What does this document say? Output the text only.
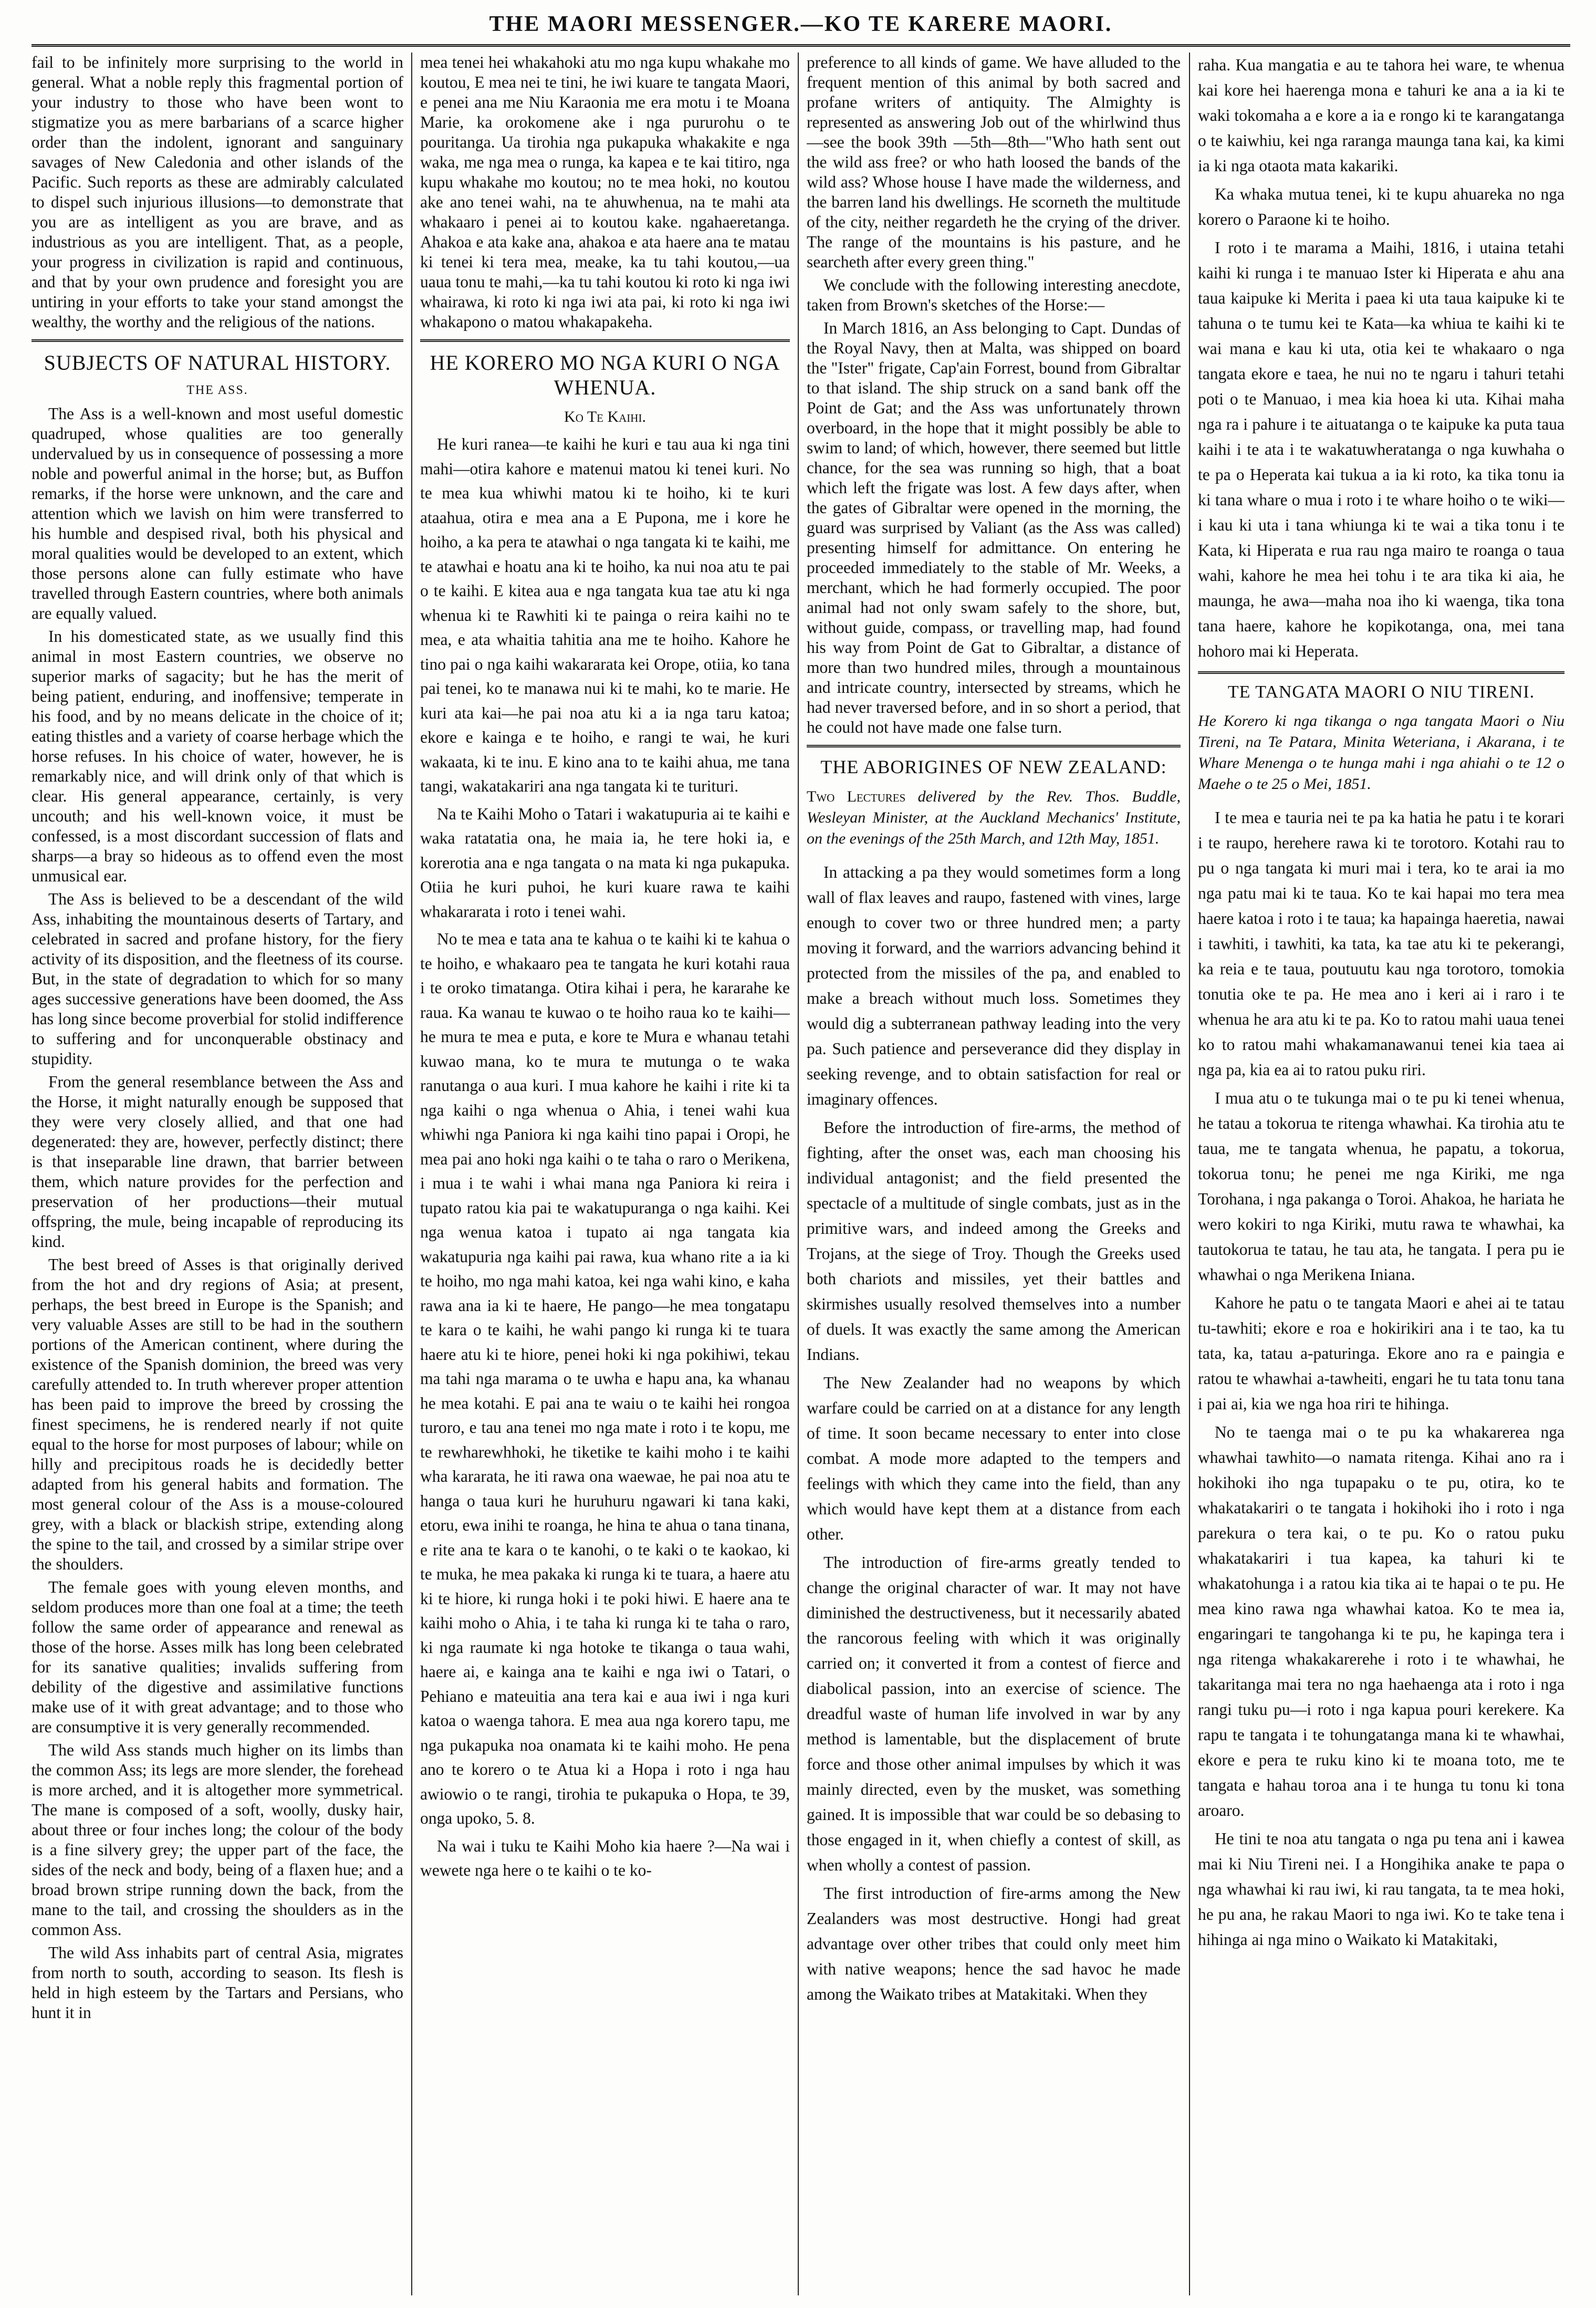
THE MAORI MESSENGER.—KO TE KARERE MAORI.

fail to be infinitely more surprising to the world in general. What a noble reply this fragmental portion of your industry to those who have been wont to stigmatize you as mere barbarians of a scarce higher order than the indolent, ignorant and sanguinary savages of New Caledonia and other islands of the Pacific. Such reports as these are admirably calculated to dispel such injurious illusions—to demonstrate that you are as intelligent as you are brave, and as industrious as you are intelligent. That, as a people, your progress in civilization is rapid and continuous, and that by your own prudence and foresight you are untiring in your efforts to take your stand amongst the wealthy, the worthy and the religious of the nations.

SUBJECTS OF NATURAL HISTORY.
THE ASS.

The Ass is a well-known and most useful domestic quadruped, whose qualities are too generally undervalued by us in consequence of possessing a more noble and powerful animal in the horse; but, as Buffon remarks, if the horse were unknown, and the care and attention which we lavish on him were transferred to his humble and despised rival, both his physical and moral qualities would be developed to an extent, which those persons alone can fully estimate who have travelled through Eastern countries, where both animals are equally valued.

In his domesticated state, as we usually find this animal in most Eastern countries, we observe no superior marks of sagacity; but he has the merit of being patient, enduring, and inoffensive; temperate in his food, and by no means delicate in the choice of it; eating thistles and a variety of coarse herbage which the horse refuses. In his choice of water, however, he is remarkably nice, and will drink only of that which is clear. His general appearance, certainly, is very uncouth; and his well-known voice, it must be confessed, is a most discordant succession of flats and sharps—a bray so hideous as to offend even the most unmusical ear.

The Ass is believed to be a descendant of the wild Ass, inhabiting the mountainous deserts of Tartary, and celebrated in sacred and profane history, for the fiery activity of its disposition, and the fleetness of its course. But, in the state of degradation to which for so many ages successive generations have been doomed, the Ass has long since become proverbial for stolid indifference to suffering and for unconquerable obstinacy and stupidity.

From the general resemblance between the Ass and the Horse, it might naturally enough be supposed that they were very closely allied, and that one had degenerated: they are, however, perfectly distinct; there is that inseparable line drawn, that barrier between them, which nature provides for the perfection and preservation of her productions—their mutual offspring, the mule, being incapable of reproducing its kind.

The best breed of Asses is that originally derived from the hot and dry regions of Asia; at present, perhaps, the best breed in Europe is the Spanish; and very valuable Asses are still to be had in the southern portions of the American continent, where during the existence of the Spanish dominion, the breed was very carefully attended to. In truth wherever proper attention has been paid to improve the breed by crossing the finest specimens, he is rendered nearly if not quite equal to the horse for most purposes of labour; while on hilly and precipitous roads he is decidedly better adapted from his general habits and formation. The most general colour of the Ass is a mouse-coloured grey, with a black or blackish stripe, extending along the spine to the tail, and crossed by a similar stripe over the shoulders.

The female goes with young eleven months, and seldom produces more than one foal at a time; the teeth follow the same order of appearance and renewal as those of the horse. Asses milk has long been celebrated for its sanative qualities; invalids suffering from debility of the digestive and assimilative functions make use of it with great advantage; and to those who are consumptive it is very generally recommended.

The wild Ass stands much higher on its limbs than the common Ass; its legs are more slender, the forehead is more arched, and it is altogether more symmetrical. The mane is composed of a soft, woolly, dusky hair, about three or four inches long; the colour of the body is a fine silvery grey; the upper part of the face, the sides of the neck and body, being of a flaxen hue; and a broad brown stripe running down the back, from the mane to the tail, and crossing the shoulders as in the common Ass.

The wild Ass inhabits part of central Asia, migrates from north to south, according to season. Its flesh is held in high esteem by the Tartars and Persians, who hunt it in

mea tenei hei whakahoki atu mo nga kupu whakahe mo koutou, E mea nei te tini, he iwi kuare te tangata Maori, e penei ana me Niu Karaonia me era motu i te Moana Marie, ka orokomene ake i nga pururohu o te pouritanga. Ua tirohia nga pukapuka whakakite e nga waka, me nga mea o runga, ka kapea e te kai titiro, nga kupu whakahe mo koutou; no te mea hoki, no koutou ake ano tenei wahi, na te ahuwhenua, na te mahi ata whakaaro i penei ai to koutou kake. ngahaeretanga. Ahakoa e ata kake ana, ahakoa e ata haere ana te matau ki tenei ki tera mea, meake, ka tu tahi koutou,—ua uaua tonu te mahi,—ka tu tahi koutou ki roto ki nga iwi whairawa, ki roto ki nga iwi ata pai, ki roto ki nga iwi whakapono o matou whakapakeha.

HE KORERO MO NGA KURI O NGA WHENUA.
Ko Te Kaihi.

He kuri ranea—te kaihi he kuri e tau aua ki nga tini mahi—otira kahore e matenui matou ki tenei kuri. No te mea kua whiwhi matou ki te hoiho, ki te kuri ataahua, otira e mea ana a E Pupona, me i kore he hoiho, a ka pera te atawhai o nga tangata ki te kaihi, me te atawhai e hoatu ana ki te hoiho, ka nui noa atu te pai o te kaihi. E kitea aua e nga tangata kua tae atu ki nga whenua ki te Rawhiti ki te painga o reira kaihi no te mea, e ata whaitia tahitia ana me te hoiho. Kahore he tino pai o nga kaihi wakararata kei Orope, otiia, ko tana pai tenei, ko te manawa nui ki te mahi, ko te marie. He kuri ata kai—he pai noa atu ki a ia nga taru katoa; ekore e kainga e te hoiho, e rangi te wai, he kuri wakaata, ki te inu. E kino ana to te kaihi ahua, me tana tangi, wakatakariri ana nga tangata ki te turituri.

Na te Kaihi Moho o Tatari i wakatupuria ai te kaihi e waka ratatatia ona, he maia ia, he tere hoki ia, e korerotia ana e nga tangata o na mata ki nga pukapuka. Otiia he kuri puhoi, he kuri kuare rawa te kaihi whakararata i roto i tenei wahi.

No te mea e tata ana te kahua o te kaihi ki te kahua o te hoiho, e whakaaro pea te tangata he kuri kotahi raua i te oroko timatanga. Otira kihai i pera, he kararahe ke raua. Ka wanau te kuwao o te hoiho raua ko te kaihi—he mura te mea e puta, e kore te Mura e whanau tetahi kuwao mana, ko te mura te mutunga o te waka ranutanga o aua kuri. I mua kahore he kaihi i rite ki ta nga kaihi o nga whenua o Ahia, i tenei wahi kua whiwhi nga Paniora ki nga kaihi tino papai i Oropi, he mea pai ano hoki nga kaihi o te taha o raro o Merikena, i mua i te wahi i whai mana nga Paniora ki reira i tupato ratou kia pai te wakatupuranga o nga kaihi. Kei nga wenua katoa i tupato ai nga tangata kia wakatupuria nga kaihi pai rawa, kua whano rite a ia ki te hoiho, mo nga mahi katoa, kei nga wahi kino, e kaha rawa ana ia ki te haere, He pango—he mea tongatapu te kara o te kaihi, he wahi pango ki runga ki te tuara haere atu ki te hiore, penei hoki ki nga pokihiwi, tekau ma tahi nga marama o te uwha e hapu ana, ka whanau he mea kotahi. E pai ana te waiu o te kaihi hei rongoa turoro, e tau ana tenei mo nga mate i roto i te kopu, me te rewharewhhoki, he tiketike te kaihi moho i te kaihi wha kararata, he iti rawa ona waewae, he pai noa atu te hanga o taua kuri he huruhuru ngawari ki tana kaki, etoru, ewa inihi te roanga, he hina te ahua o tana tinana, e rite ana te kara o te kanohi, o te kaki o te kaokao, ki te muka, he mea pakaka ki runga ki te tuara, a haere atu ki te hiore, ki runga hoki i te poki hiwi. E haere ana te kaihi moho o Ahia, i te taha ki runga ki te taha o raro, ki nga raumate ki nga hotoke te tikanga o taua wahi, haere ai, e kainga ana te kaihi e nga iwi o Tatari, o Pehiano e mateuitia ana tera kai e aua iwi i nga kuri katoa o waenga tahora. E mea aua nga korero tapu, me nga pukapuka noa onamata ki te kaihi moho. He pena ano te korero o te Atua ki a Hopa i roto i nga hau awiowio o te rangi, tirohia te pukapuka o Hopa, te 39, onga upoko, 5. 8.

Na wai i tuku te Kaihi Moho kia haere ?—Na wai i wewete nga here o te kaihi o te ko-

preference to all kinds of game. We have alluded to the frequent mention of this animal by both sacred and profane writers of antiquity. The Almighty is represented as answering Job out of the whirlwind thus—see the book 39th —5th—8th—"Who hath sent out the wild ass free? or who hath loosed the bands of the wild ass? Whose house I have made the wilderness, and the barren land his dwellings. He scorneth the multitude of the city, neither regardeth he the crying of the driver. The range of the mountains is his pasture, and he searcheth after every green thing."

We conclude with the following interesting anecdote, taken from Brown's sketches of the Horse:—

In March 1816, an Ass belonging to Capt. Dundas of the Royal Navy, then at Malta, was shipped on board the "Ister" frigate, Cap'ain Forrest, bound from Gibraltar to that island. The ship struck on a sand bank off the Point de Gat; and the Ass was unfortunately thrown overboard, in the hope that it might possibly be able to swim to land; of which, however, there seemed but little chance, for the sea was running so high, that a boat which left the frigate was lost. A few days after, when the gates of Gibraltar were opened in the morning, the guard was surprised by Valiant (as the Ass was called) presenting himself for admittance. On entering he proceeded immediately to the stable of Mr. Weeks, a merchant, which he had formerly occupied. The poor animal had not only swam safely to the shore, but, without guide, compass, or travelling map, had found his way from Point de Gat to Gibraltar, a distance of more than two hundred miles, through a mountainous and intricate country, intersected by streams, which he had never traversed before, and in so short a period, that he could not have made one false turn.

THE ABORIGINES OF NEW ZEALAND:
Two Lectures delivered by the Rev. Thos. Buddle, Wesleyan Minister, at the Auckland Mechanics' Institute, on the evenings of the 25th March, and 12th May, 1851.

In attacking a pa they would sometimes form a long wall of flax leaves and raupo, fastened with vines, large enough to cover two or three hundred men; a party moving it forward, and the warriors advancing behind it protected from the missiles of the pa, and enabled to make a breach without much loss. Sometimes they would dig a subterranean pathway leading into the very pa. Such patience and perseverance did they display in seeking revenge, and to obtain satisfaction for real or imaginary offences.

Before the introduction of fire-arms, the method of fighting, after the onset was, each man choosing his individual antagonist; and the field presented the spectacle of a multitude of single combats, just as in the primitive wars, and indeed among the Greeks and Trojans, at the siege of Troy. Though the Greeks used both chariots and missiles, yet their battles and skirmishes usually resolved themselves into a number of duels. It was exactly the same among the American Indians.

The New Zealander had no weapons by which warfare could be carried on at a distance for any length of time. It soon became necessary to enter into close combat. A mode more adapted to the tempers and feelings with which they came into the field, than any which would have kept them at a distance from each other.

The introduction of fire-arms greatly tended to change the original character of war. It may not have diminished the destructiveness, but it necessarily abated the rancorous feeling with which it was originally carried on; it converted it from a contest of fierce and diabolical passion, into an exercise of science. The dreadful waste of human life involved in war by any method is lamentable, but the displacement of brute force and those other animal impulses by which it was mainly directed, even by the musket, was something gained. It is impossible that war could be so debasing to those engaged in it, when chiefly a contest of skill, as when wholly a contest of passion.

The first introduction of fire-arms among the New Zealanders was most destructive. Hongi had great advantage over other tribes that could only meet him with native weapons; hence the sad havoc he made among the Waikato tribes at Matakitaki. When they

raha. Kua mangatia e au te tahora hei ware, te whenua kai kore hei haerenga mona e tahuri ke ana a ia ki te waki tokomaha a e kore a ia e rongo ki te karangatanga o te kaiwhiu, kei nga raranga maunga tana kai, ka kimi ia ki nga otaota mata kakariki.

Ka whaka mutua tenei, ki te kupu ahuareka no nga korero o Paraone ki te hoiho.

I roto i te marama a Maihi, 1816, i utaina tetahi kaihi ki runga i te manuao Ister ki Hiperata e ahu ana taua kaipuke ki Merita i paea ki uta taua kaipuke ki te tahuna o te tumu kei te Kata—ka whiua te kaihi ki te wai mana e kau ki uta, otia kei te whakaaro o nga tangata ekore e taea, he nui no te ngaru i tahuri tetahi poti o te Manuao, i mea kia hoea ki uta. Kihai maha nga ra i pahure i te aituatanga o te kaipuke ka puta taua kaihi i te ata i te wakatuwheratanga o nga kuwhaha o te pa o Heperata kai tukua a ia ki roto, ka tika tonu ia ki tana whare o mua i roto i te whare hoiho o te wiki—i kau ki uta i tana whiunga ki te wai a tika tonu i te Kata, ki Hiperata e rua rau nga mairo te roanga o taua wahi, kahore he mea hei tohu i te ara tika ki aia, he maunga, he awa—maha noa iho ki waenga, tika tona tana haere, kahore he kopikotanga, ona, mei tana hohoro mai ki Heperata.

TE TANGATA MAORI O NIU TIRENI.
He Korero ki nga tikanga o nga tangata Maori o Niu Tireni, na Te Patara, Minita Weteriana, i Akarana, i te Whare Menenga o te hunga mahi i nga ahiahi o te 12 o Maehe o te 25 o Mei, 1851.

I te mea e tauria nei te pa ka hatia he patu i te korari i te raupo, herehere rawa ki te torotoro. Kotahi rau to pu o nga tangata ki muri mai i tera, ko te arai ia mo nga patu mai ki te taua. Ko te kai hapai mo tera mea haere katoa i roto i te taua; ka hapainga haeretia, nawai i tawhiti, i tawhiti, ka tata, ka tae atu ki te pekerangi, ka reia e te taua, poutuutu kau nga torotoro, tomokia tonutia oke te pa. He mea ano i keri ai i raro i te whenua he ara atu ki te pa. Ko to ratou mahi uaua tenei ko to ratou mahi whakamanawanui tenei kia taea ai nga pa, kia ea ai to ratou puku riri.

I mua atu o te tukunga mai o te pu ki tenei whenua, he tatau a tokorua te ritenga whawhai. Ka tirohia atu te taua, me te tangata whenua, he papatu, a tokorua, tokorua tonu; he penei me nga Kiriki, me nga Torohana, i nga pakanga o Toroi. Ahakoa, he hariata he wero kokiri to nga Kiriki, mutu rawa te whawhai, ka tautokorua te tatau, he tau ata, he tangata. I pera pu ie whawhai o nga Merikena Iniana.

Kahore he patu o te tangata Maori e ahei ai te tatau tu-tawhiti; ekore e roa e hokirikiri ana i te tao, ka tu tata, ka, tatau a-paturinga. Ekore ano ra e paingia e ratou te whawhai a-tawheiti, engari he tu tata tonu tana i pai ai, kia we nga hoa riri te hihinga.

No te taenga mai o te pu ka whakarerea nga whawhai tawhito—o namata ritenga. Kihai ano ra i hokihoki iho nga tupapaku o te pu, otira, ko te whakatakariri o te tangata i hokihoki iho i roto i nga parekura o tera kai, o te pu. Ko o ratou puku whakatakariri i tua kapea, ka tahuri ki te whakatohunga i a ratou kia tika ai te hapai o te pu. He mea kino rawa nga whawhai katoa. Ko te mea ia, engaringari te tangohanga ki te pu, he kapinga tera i nga ritenga whakakarerehe i roto i te whawhai, he takaritanga mai tera no nga haehaenga ata i roto i nga rangi tuku pu—i roto i nga kapua pouri kerekere. Ka rapu te tangata i te tohungatanga mana ki te whawhai, ekore e pera te ruku kino ki te moana toto, me te tangata e hahau toroa ana i te hunga tu tonu ki tona aroaro.

He tini te noa atu tangata o nga pu tena ani i kawea mai ki Niu Tireni nei. I a Hongihika anake te papa o nga whawhai ki rau iwi, ki rau tangata, ta te mea hoki, he pu ana, he rakau Maori to nga iwi. Ko te take tena i hihinga ai nga mino o Waikato ki Matakitaki,
